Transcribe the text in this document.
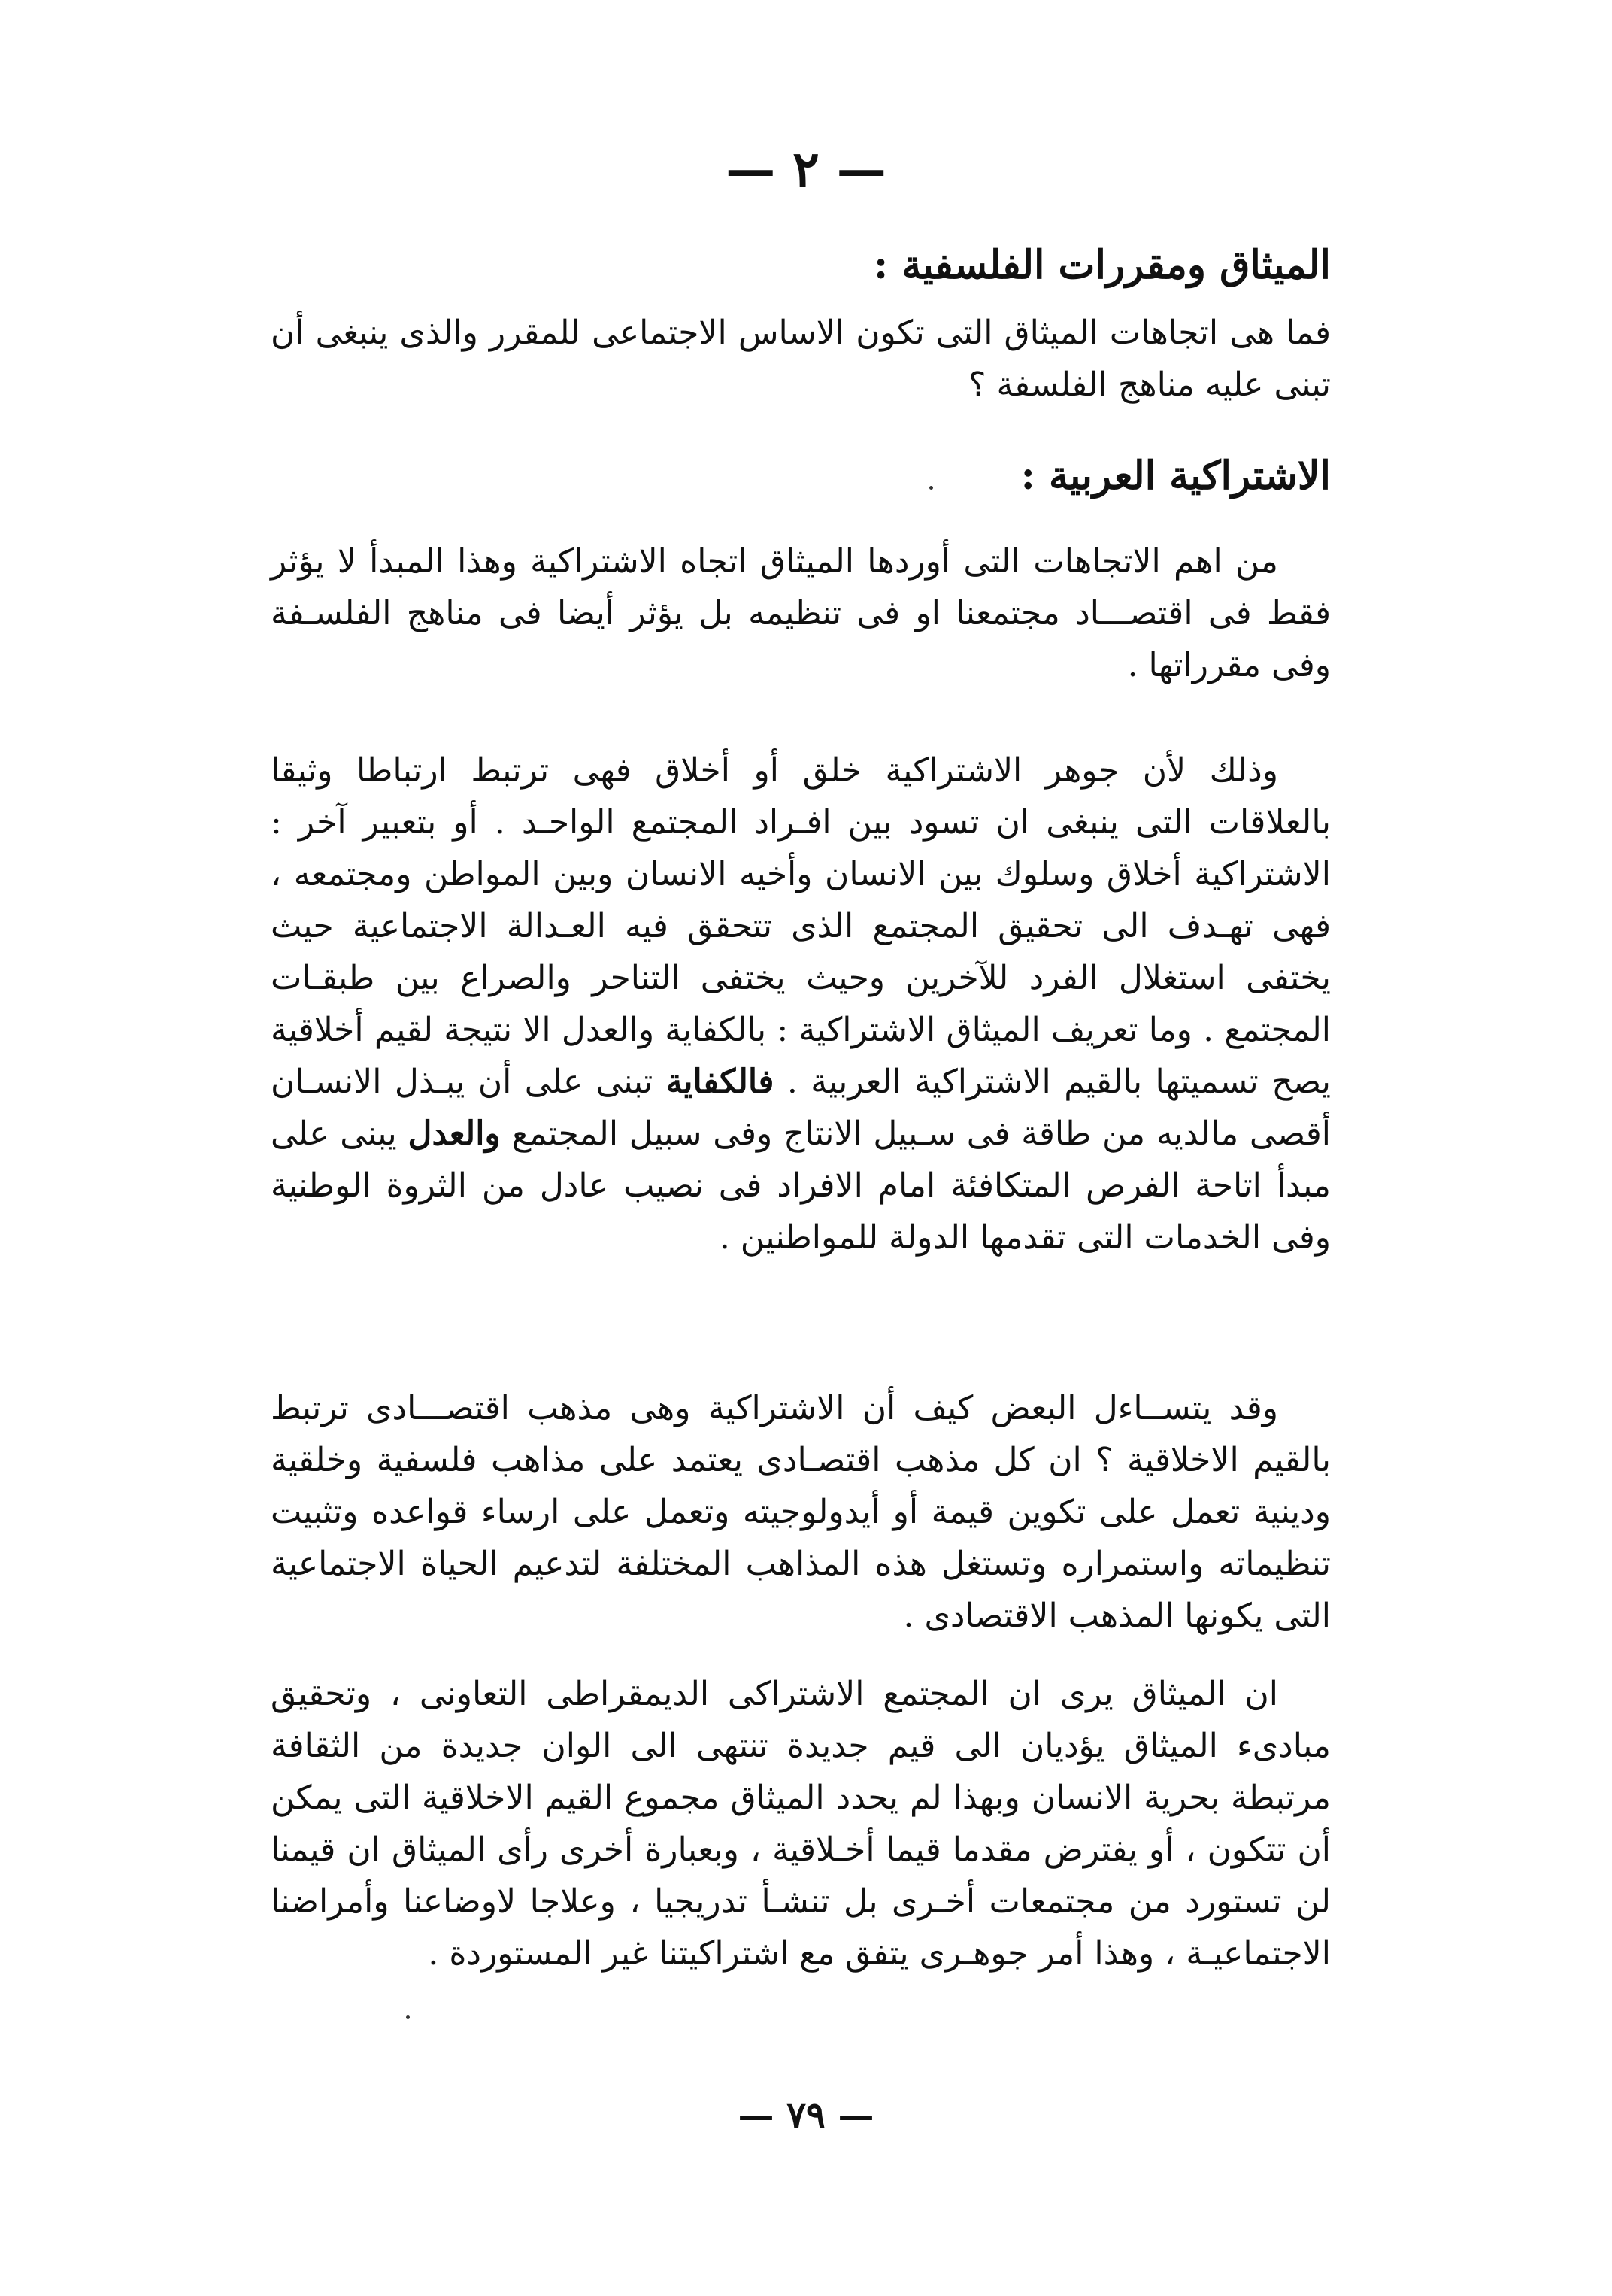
— ٢ —
الميثاق ومقررات الفلسفية :

فما هى اتجاهات الميثاق التى تكون الاساس الاجتماعى للمقرر والذى ينبغى أن تبنى عليه مناهج الفلسفة ؟

الاشتراكية العربية :

من اهم الاتجاهات التى أوردها الميثاق اتجاه الاشتراكية وهذا المبدأ لا يؤثر فقط فى اقتصـــاد مجتمعنا او فى تنظيمه بل يؤثر أيضا فى مناهج الفلسـفة وفى مقرراتها .

وذلك لأن جوهر الاشتراكية خلق أو أخلاق فهى ترتبط ارتباطا وثيقا بالعلاقات التى ينبغى ان تسود بين افـراد المجتمع الواحـد . أو بتعبير آخر : الاشتراكية أخلاق وسلوك بين الانسان وأخيه الانسان وبين المواطن ومجتمعه ، فهى تهـدف الى تحقيق المجتمع الذى تتحقق فيه العـدالة الاجتماعية حيث يختفى استغلال الفرد للآخرين وحيث يختفى التناحر والصراع بين طبقـات المجتمع . وما تعريف الميثاق الاشتراكية : بالكفاية والعدل الا نتيجة لقيم أخلاقية يصح تسميتها بالقيم الاشتراكية العربية . فالكفاية تبنى على أن يبـذل الانسـان أقصى مالديه من طاقة فى سـبيل الانتاج وفى سبيل المجتمع والعدل يبنى على مبدأ اتاحة الفرص المتكافئة امام الافراد فى نصيب عادل من الثروة الوطنية وفى الخدمات التى تقدمها الدولة للمواطنين .

وقد يتســاءل البعض كيف أن الاشتراكية وهى مذهب اقتصـــادى ترتبط بالقيم الاخلاقية ؟ ان كل مذهب اقتصـادى يعتمد على مذاهب فلسفية وخلقية ودينية تعمل على تكوين قيمة أو أيدولوجيته وتعمل على ارساء قواعده وتثبيت تنظيماته واستمراره وتستغل هذه المذاهب المختلفة لتدعيم الحياة الاجتماعية التى يكونها المذهب الاقتصادى .

ان الميثاق يرى ان المجتمع الاشتراكى الديمقراطى التعاونى ، وتحقيق مبادىء الميثاق يؤديان الى قيم جديدة تنتهى الى الوان جديدة من الثقافة مرتبطة بحرية الانسان وبهذا لم يحدد الميثاق مجموع القيم الاخلاقية التى يمكن أن تتكون ، أو يفترض مقدما قيما أخـلاقية ، وبعبارة أخرى رأى الميثاق ان قيمنا لن تستورد من مجتمعات أخـرى بل تنشـأ تدريجيا ، وعلاجا لاوضاعنا وأمراضنا الاجتماعيـة ، وهذا أمر جوهـرى يتفق مع اشتراكيتنا غير المستوردة .

— ٧٩ —
